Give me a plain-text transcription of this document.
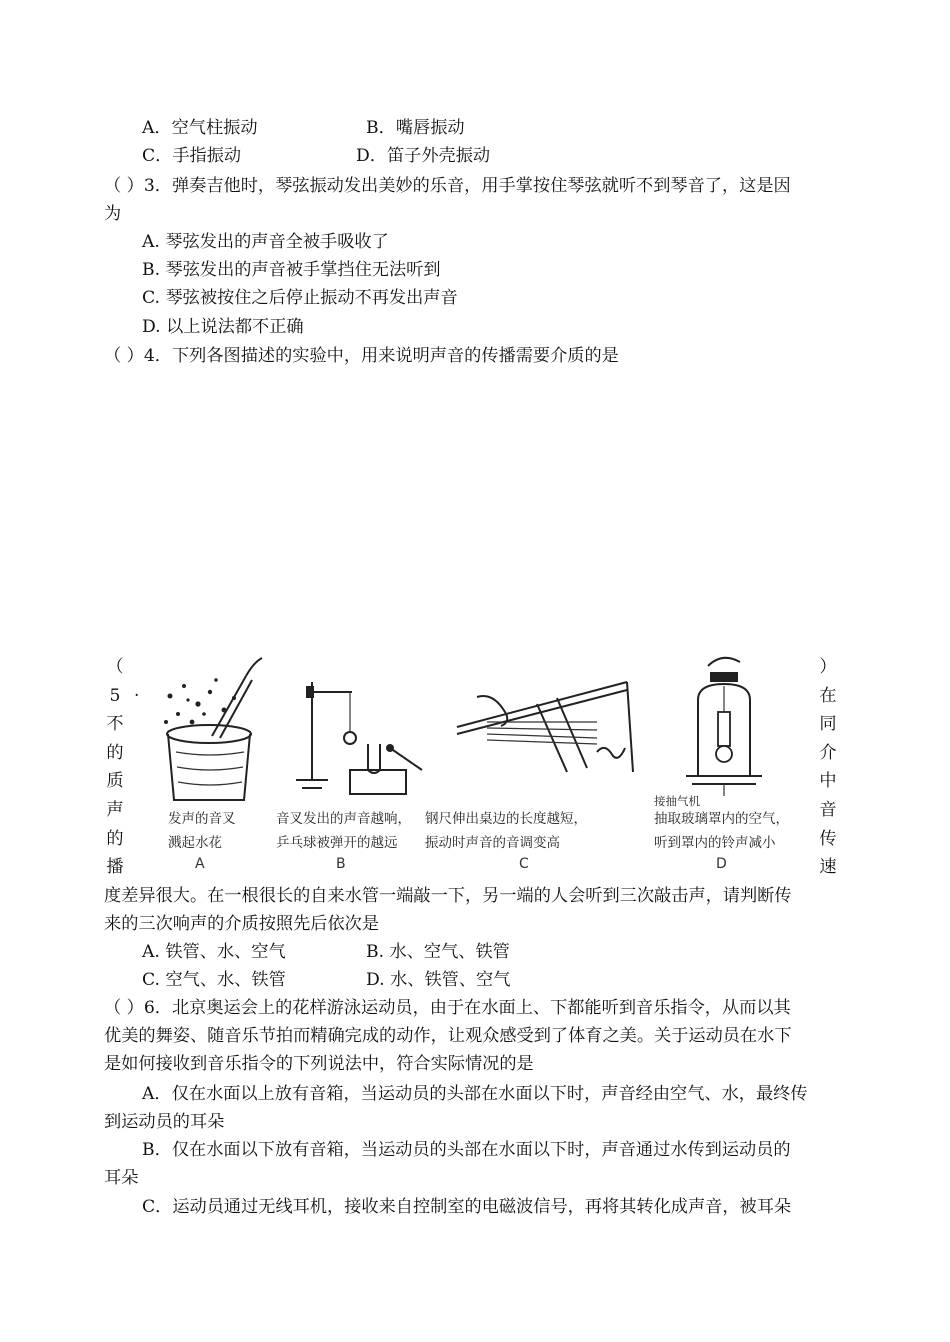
A．空气柱振动	B．嘴唇振动
C．手指振动	D．笛子外壳振动
（ ）3．弹奏吉他时，琴弦振动发出美妙的乐音，用手掌按住琴弦就听不到琴音了，这是因
为
A. 琴弦发出的声音全被手吸收了
B. 琴弦发出的声音被手掌挡住无法听到
C. 琴弦被按住之后停止振动不再发出声音
D. 以上说法都不正确
（ ）4．下列各图描述的实验中，用来说明声音的传播需要介质的是
（
5
不
的
质
声
的
播
.
）
在
同
介
中
音
传
速
发声的音叉
溅起水花
A
音叉发出的声音越响，
乒乓球被弹开的越远
B
钢尺伸出桌边的长度越短，
振动时声音的音调变高
C
接抽气机
抽取玻璃罩内的空气，
听到罩内的铃声减小
D
度差异很大。在一根很长的自来水管一端敲一下，另一端的人会听到三次敲击声，请判断传
来的三次响声的介质按照先后依次是
A. 铁管、水、空气	B. 水、空气、铁管
C. 空气、水、铁管	D. 水、铁管、空气
（ ）6．北京奥运会上的花样游泳运动员，由于在水面上、下都能听到音乐指令，从而以其
优美的舞姿、随音乐节拍而精确完成的动作，让观众感受到了体育之美。关于运动员在水下
是如何接收到音乐指令的下列说法中，符合实际情况的是
A．仅在水面以上放有音箱，当运动员的头部在水面以下时，声音经由空气、水，最终传
到运动员的耳朵
B．仅在水面以下放有音箱，当运动员的头部在水面以下时，声音通过水传到运动员的
耳朵
C．运动员通过无线耳机，接收来自控制室的电磁波信号，再将其转化成声音，被耳朵
